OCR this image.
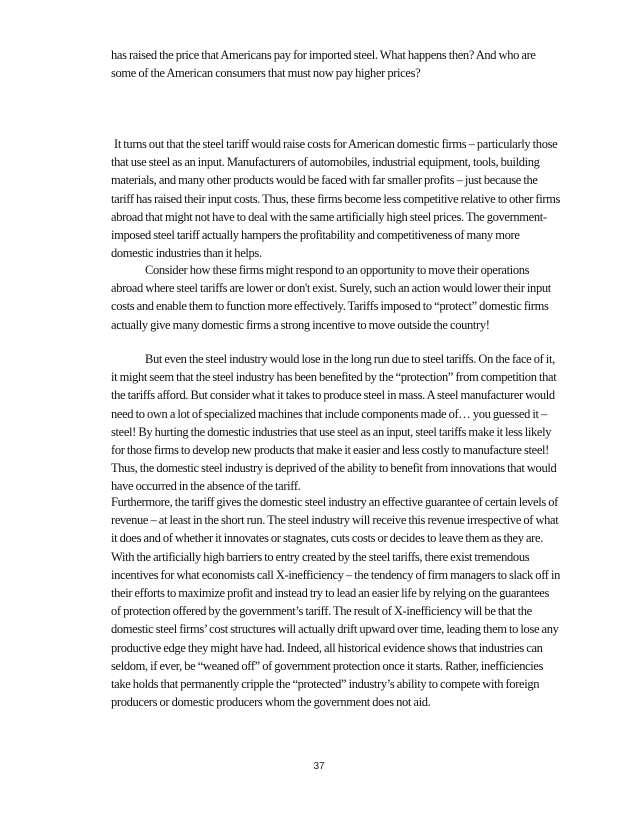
has raised the price that Americans pay for imported steel. What happens then? And who are some of the American consumers that must now pay higher prices?

It turns out that the steel tariff would raise costs for American domestic firms – particularly those that use steel as an input. Manufacturers of automobiles, industrial equipment, tools, building materials, and many other products would be faced with far smaller profits – just because the tariff has raised their input costs. Thus, these firms become less competitive relative to other firms abroad that might not have to deal with the same artificially high steel prices. The government-imposed steel tariff actually hampers the profitability and competitiveness of many more domestic industries than it helps.

Consider how these firms might respond to an opportunity to move their operations abroad where steel tariffs are lower or don't exist. Surely, such an action would lower their input costs and enable them to function more effectively. Tariffs imposed to “protect” domestic firms actually give many domestic firms a strong incentive to move outside the country!

But even the steel industry would lose in the long run due to steel tariffs. On the face of it, it might seem that the steel industry has been benefited by the “protection” from competition that the tariffs afford. But consider what it takes to produce steel in mass. A steel manufacturer would need to own a lot of specialized machines that include components made of… you guessed it – steel! By hurting the domestic industries that use steel as an input, steel tariffs make it less likely for those firms to develop new products that make it easier and less costly to manufacture steel! Thus, the domestic steel industry is deprived of the ability to benefit from innovations that would have occurred in the absence of the tariff.

Furthermore, the tariff gives the domestic steel industry an effective guarantee of certain levels of revenue – at least in the short run. The steel industry will receive this revenue irrespective of what it does and of whether it innovates or stagnates, cuts costs or decides to leave them as they are. With the artificially high barriers to entry created by the steel tariffs, there exist tremendous incentives for what economists call X-inefficiency – the tendency of firm managers to slack off in their efforts to maximize profit and instead try to lead an easier life by relying on the guarantees of protection offered by the government’s tariff. The result of X-inefficiency will be that the domestic steel firms’ cost structures will actually drift upward over time, leading them to lose any productive edge they might have had. Indeed, all historical evidence shows that industries can seldom, if ever, be “weaned off” of government protection once it starts. Rather, inefficiencies take holds that permanently cripple the “protected” industry’s ability to compete with foreign producers or domestic producers whom the government does not aid.

37
